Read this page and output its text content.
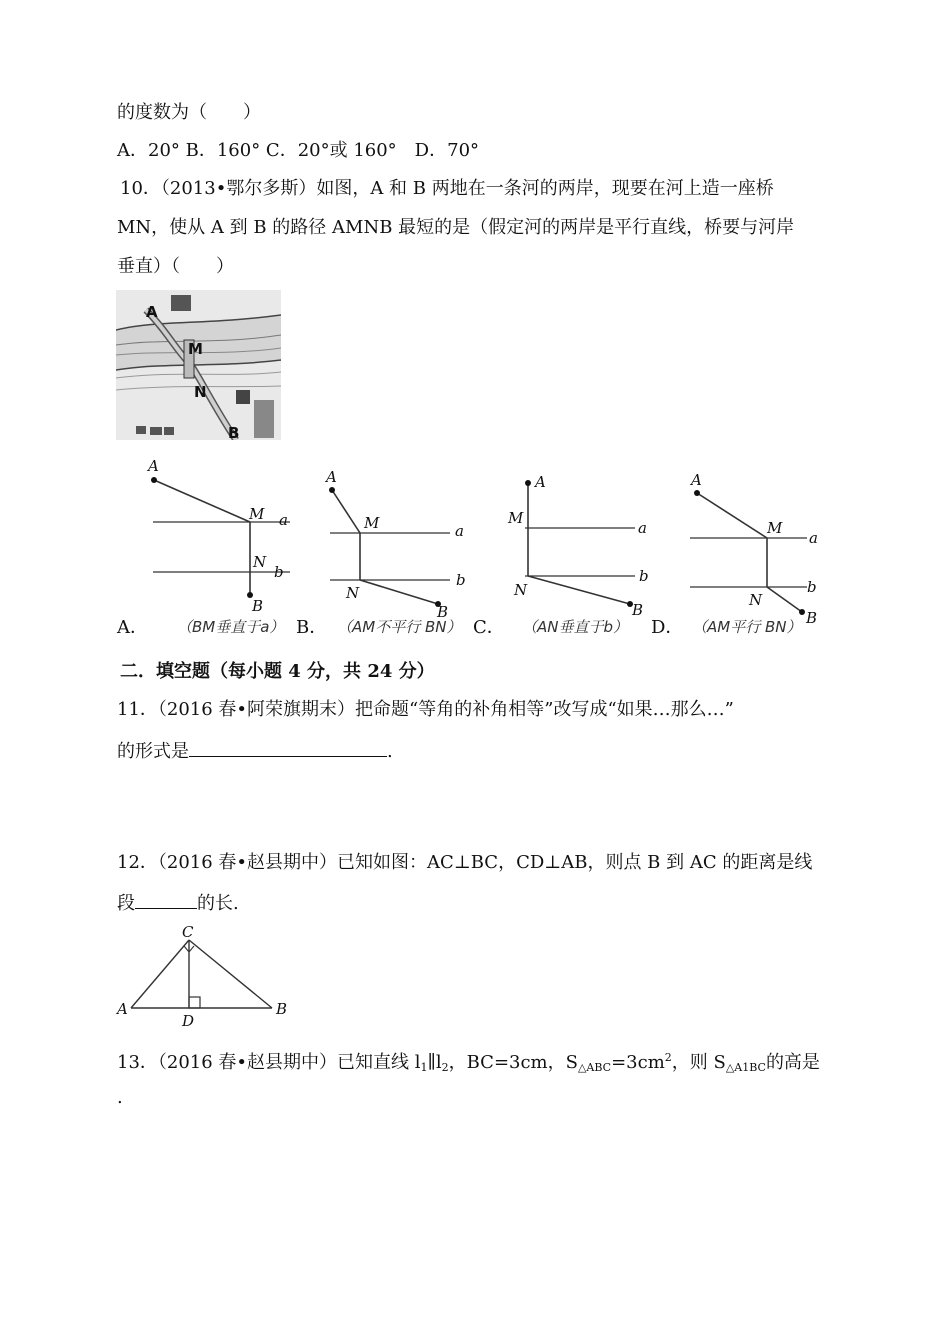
的度数为（　　）
A．20° B．160° C．20°或 160°　D．70°
10．（2013•鄂尔多斯）如图，A 和 B 两地在一条河的两岸，现要在河上造一座桥
MN，使从 A 到 B 的路径 AMNB 最短的是（假定河的两岸是平行直线，桥要与河岸
垂直）（　　）
A
M
N
B
A
M a
N
b
B
A
M	a
N
b
B
A
M
a
N
b
B
A
M
a
N
b
B
A． （BM垂直于a） B． （AM不平行 BN） C． （AN垂直于b） D． （AM平行 BN）
二．填空题（每小题 4 分，共 24 分）
11．（2016 春•阿荣旗期末）把命题“等角的补角相等”改写成“如果…那么…”
的形式是	.
12．（2016 春•赵县期中）已知如图：AC⊥BC，CD⊥AB，则点 B 到 AC 的距离是线
段	的长.
C
A	B
D
13．（2016 春•赵县期中）已知直线 $l_1\parallel l_2$，BC=3cm，$S_{\triangle ABC}=3cm^2$，则 $S_{\triangle A1BC}$的高是
.
